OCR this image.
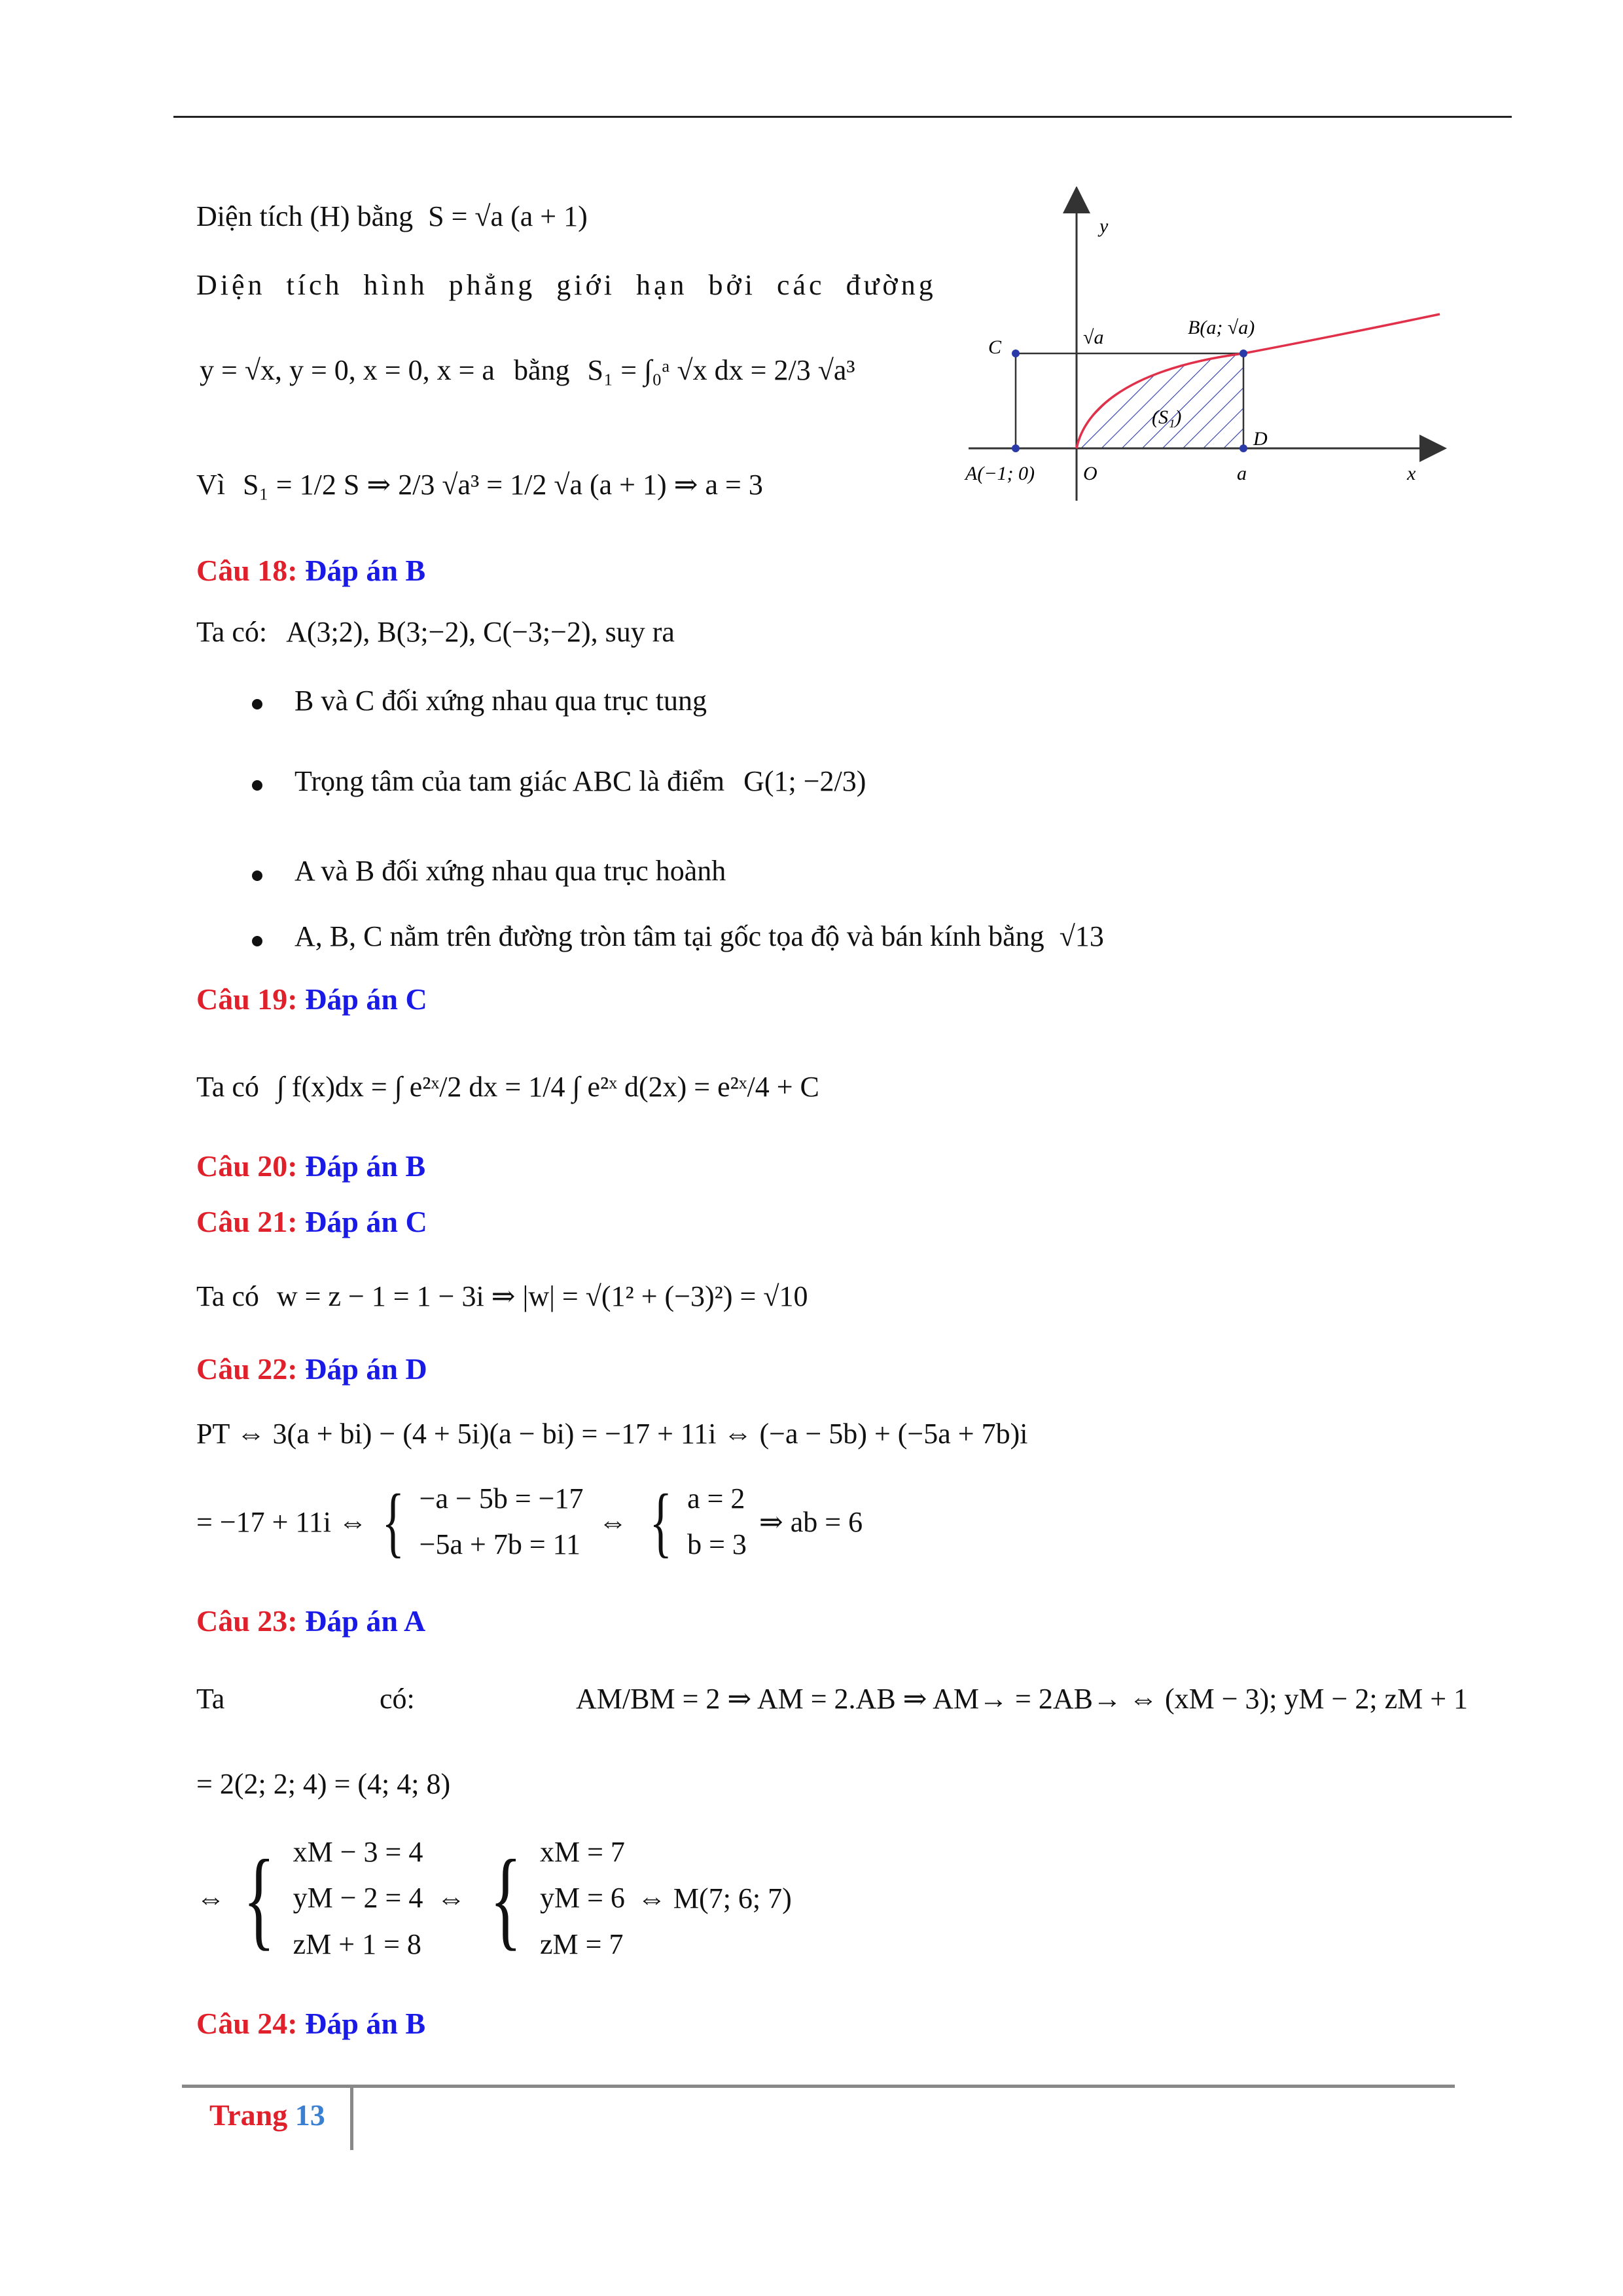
y
x
√a	B(a; √a)
C
A(−1; 0) O
D
a
(S₁)
Diện tích (H) bằng S = √a (a + 1)
Diện tích hình phẳng giới hạn bởi các đường
y = √x, y = 0, x = 0, x = a bằng S₁ = ∫₀ᵃ √x dx = 2/3 √a³
Vì S₁ = 1/2 S ⇒ 2/3 √a³ = 1/2 √a (a + 1) ⇒ a = 3
Câu 18: Đáp án B
Ta có: A(3;2), B(3;−2), C(−3;−2), suy ra
B và C đối xứng nhau qua trục tung
Trọng tâm của tam giác ABC là điểm G(1; −2/3)
A và B đối xứng nhau qua trục hoành
A, B, C nằm trên đường tròn tâm tại gốc tọa độ và bán kính bằng √13
Câu 19: Đáp án C
Ta có ∫ f(x)dx = ∫ e²ˣ/2 dx = 1/4 ∫ e²ˣ d(2x) = e²ˣ/4 + C
Câu 20: Đáp án B
Câu 21: Đáp án C
Ta có w = z − 1 = 1 − 3i ⇒ |w| = √(1² + (−3)²) = √10
Câu 22: Đáp án D
PT ⇔ 3(a + bi) − (4 + 5i)(a − bi) = −17 + 11i ⇔ (−a − 5b) + (−5a + 7b)i
= −17 + 11i ⇔ { −a − 5b = −17
−5a + 7b = 11
⇔ { a = 2
b = 3
⇒ ab = 6
Câu 23: Đáp án A
Ta	có:	AM/BM = 2 ⇒ AM = 2.AB ⇒ AM→ = 2AB→ ⇔ (xM − 3); yM − 2; zM + 1
= 2(2; 2; 4) = (4; 4; 8)
⇔ { xM − 3 = 4
yM − 2 = 4
zM + 1 = 8
⇔ { xM = 7
yM = 6
zM = 7
⇔ M(7; 6; 7)
Câu 24: Đáp án B
Trang 13
